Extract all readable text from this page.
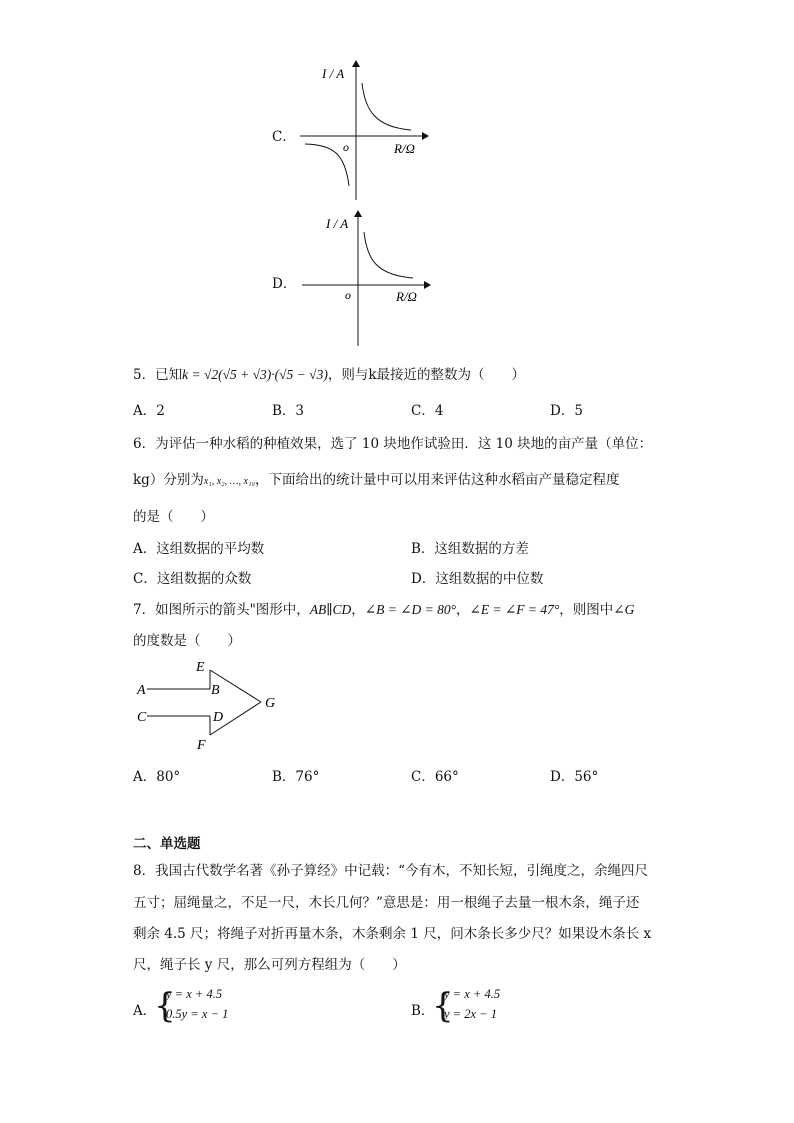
C．
I / A
R/Ω
o
D．
I / A
R/Ω
o
5．已知k = √2(√5 + √3)·(√5 − √3)，则与k最接近的整数为（　　）
A．2	B．3	C．4	D．5
6．为评估一种水稻的种植效果，选了 10 块地作试验田．这 10 块地的亩产量（单位：
kg）分别为x₁, x₂, …, x₁₀，下面给出的统计量中可以用来评估这种水稻亩产量稳定程度
的是（　　）
A．这组数据的平均数	B．这组数据的方差
C．这组数据的众数	D．这组数据的中位数
7．如图所示的箭头"图形中，AB∥CD，∠B = ∠D = 80°，∠E = ∠F = 47°，则图中∠G
的度数是（　　）
E
A	B
C	D
F
G
A．80°	B．76°	C．66°	D．56°
二、单选题
8．我国古代数学名著《孙子算经》中记载：“今有木，不知长短，引绳度之，余绳四尺
五寸；屈绳量之，不足一尺，木长几何？”意思是：用一根绳子去量一根木条，绳子还
剩余 4.5 尺；将绳子对折再量木条，木条剩余 1 尺，问木条长多少尺？如果设木条长 x
尺，绳子长 y 尺，那么可列方程组为（　　）
A．
{
y = x + 4.5
0.5y = x − 1	B．
{
y = x + 4.5
y = 2x − 1
